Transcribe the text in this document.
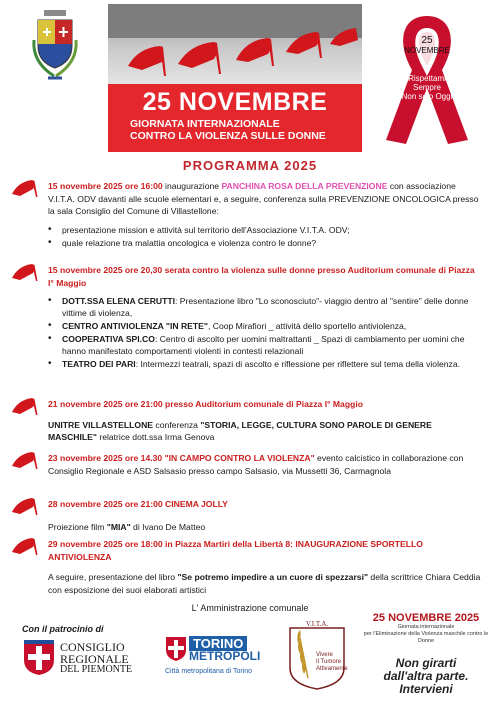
25 NOVEMBRE
GIORNATA INTERNAZIONALE
CONTRO LA VIOLENZA SULLE DONNE
25
NOVEMBRE
Rispettami
Sempre
Non solo Oggi
PROGRAMMA 2025
15 novembre 2025 ore 16:00 inaugurazione PANCHINA ROSA DELLA PREVENZIONE con associazione V.I.T.A. ODV davanti alle scuole elementari e, a seguire, conferenza sulla PREVENZIONE ONCOLOGICA presso la sala Consiglio del Comune di Villastellone:
• presentazione mission e attività sul territorio dell'Associazione V.I.T.A. ODV;
• quale relazione tra malattia oncologica e violenza contro le donne?
15 novembre 2025 ore 20,30 serata contro la violenza sulle donne presso Auditorium comunale di Piazza I° Maggio
• DOTT.SSA ELENA CERUTTI: Presentazione libro "Lo sconosciuto"- viaggio dentro al "sentire" delle donne vittime di violenza,
• CENTRO ANTIVIOLENZA "IN RETE", Coop Mirafiori _ attività dello sportello antiviolenza,
• COOPERATIVA SPI.CO: Centro di ascolto per uomini maltrattanti _ Spazi di cambiamento per uomini che hanno manifestato comportamenti violenti in contesti relazionali
• TEATRO DEI PARI: Intermezzi teatrali, spazi di ascolto e riflessione per riflettere sul tema della violenza.
21 novembre 2025 ore 21:00 presso Auditorium comunale di Piazza I° Maggio
UNITRE VILLASTELLONE conferenza "STORIA, LEGGE, CULTURA SONO PAROLE DI GENERE MASCHILE" relatrice dott.ssa Irma Genova
23 novembre 2025 ore 14.30 "IN CAMPO CONTRO LA VIOLENZA" evento calcistico in collaborazione con Consiglio Regionale e ASD Salsasio presso campo Salsasio, via Mussetti 36, Carmagnola
28 novembre 2025 ore 21:00 CINEMA JOLLY
Proiezione film "MIA" di Ivano De Matteo
29 novembre 2025 ore 18:00 in Piazza Martiri della Libertà 8: INAUGURAZIONE SPORTELLO ANTIVIOLENZA
A seguire, presentazione del libro "Se potremo impedire a un cuore di spezzarsi" della scrittrice Chiara Ceddia con esposizione dei suoi elaborati artistici
L' Amministrazione comunale
Con il patrocinio di
CONSIGLIO
REGIONALE
DEL PIEMONTE
TORINO
METROPOLI
Città metropolitana di Torino
V.I.T.A.
Vivere
Il Tumore
Attivamente
25 NOVEMBRE 2025
Giornata internazionale
per l'Eliminazione della Violenza maschile contro le Donne
Non girarti
dall'altra parte.
Intervieni
